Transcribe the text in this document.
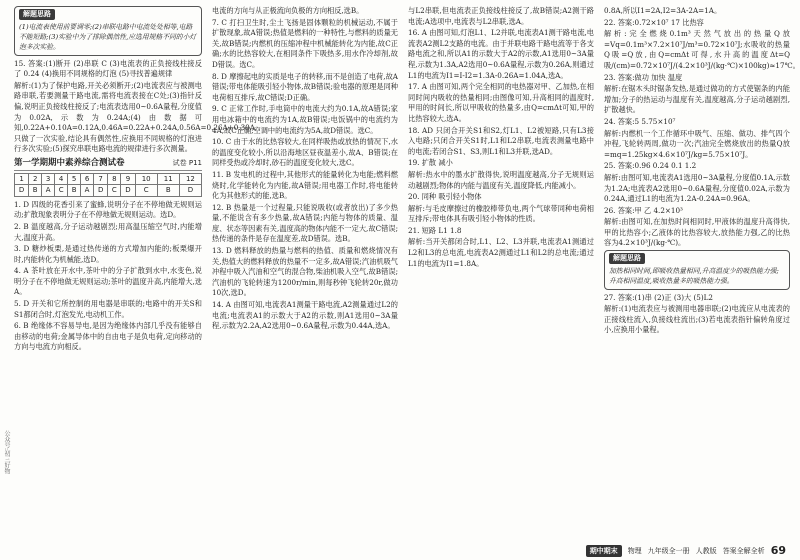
公众号:初三好物
解题思路
(1)电流表使用前要调零;(2)串联电路中电流处处相等,电路不能短路;(3)实验中为了排除偶然性,应选用规格不同的小灯泡多次实验。

15. 答案:(1)断开 (2)串联 C (3)电流表的正负接线柱接反了 0.24 (4)换用不同规格的灯泡 (5)寻找普遍规律

解析:(1)为了保护电路,开关必须断开;(2)电流表应与被测电路串联,若要测量干路电流,需将电流表接在C处;(3)指针反偏,说明正负接线柱接反了;电流表选用0~0.6A量程,分度值为0.02A,示数为0.24A;(4)由数据可知,0.22A+0.10A=0.12A,0.46A=0.22A+0.24A,0.56A=0.26A+0.30A,只做了一次实验,结论具有偶然性,应换用不同规格的灯泡进行多次实验;(5)探究串联电路电流的规律进行多次测量。

第一学期期中素养综合测试卷	试卷 P11
1	2	3	4	5	6	7	8	9	10	11	12
D	B	A	C	B	A	D	C	D	C	B	D

1. D 四级的花香引来了蜜蜂,说明分子在不停地做无规则运动;扩散现象表明分子在不停地做无规则运动。选D。

2. B 温度越高,分子运动越剧烈;用高温压缩空气时,内能增大,温度升高。

3. D 糖炒板栗,是通过热传递的方式增加内能的;板栗爆开时,内能转化为机械能,选D。

4. A 茶叶放在开水中,茶叶中的分子扩散到水中,水变色,说明分子在不停地做无规则运动;茶叶的温度升高,内能增大,选A。

5. D 开关和它所控制的用电器是串联的;电路中的开关S和S1都闭合时,灯泡发光,电动机工作。

6. B 绝缘体不容易导电,是因为绝缘体内部几乎没有能够自由移动的电荷;金属导体中的自由电子是负电荷,定向移动的方向与电流方向相反。

电流的方向与从正极流向负极的方向相反,选B。

7. C 打扫卫生时,尘土飞扬是固体颗粒的机械运动,不属于扩散现象,故A错误;热值是燃料的一种特性,与燃料的质量无关,故B错误;内燃机的压缩冲程中机械能转化为内能,故C正确;水的比热容较大,在相同条件下吸热多,用水作冷却剂,故D错误。选C。

8. D 摩擦起电的实质是电子的转移,而不是创造了电荷,故A错误;带电体能吸引轻小物体,故B错误;验电器的原理是同种电荷相互排斥,故C错误;D正确。

9. C 正常工作时,手电筒中的电流大约为0.1A,故A错误;家用电冰箱中的电流约为1A,故B错误;电饭锅中的电流约为4A,故C正确;空调中的电流约为5A,故D错误。选C。

10. C 由于水的比热容较大,在同样吸热或放热的情况下,水的温度变化较小,所以沿海地区昼夜温差小,故A、B错误;在同样受热或冷却时,砂石的温度变化较大,选C。

11. B 发电机的过程中,其他形式的能量转化为电能;燃料燃烧时,化学能转化为内能,故A错误;用电器工作时,将电能转化为其他形式的能,选B。

12. B 热量是一个过程量,只能说吸收(或者放出)了多少热量,不能说含有多少热量,故A错误;内能与物体的质量、温度、状态等因素有关,温度高的物体内能不一定大,故C错误;热传递的条件是存在温度差,故D错误。选B。

13. D 燃料释放的热量与燃料的热值、质量和燃烧情况有关,热值大的燃料释放的热量不一定多,故A错误;汽油机吸气冲程中吸入汽油和空气的混合物,柴油机吸入空气,故B错误;汽油机的飞轮转速为1200r/min,则每秒钟飞轮转20r,做功10次,选D。

14. A 由图可知,电流表A1测量干路电流,A2测量通过L2的电流;电流表A1的示数大于A2的示数,则A1选用0~3A量程,示数为2.2A,A2选用0~0.6A量程,示数为0.44A,选A。

与L2串联,但电流表正负接线柱接反了,故B错误;A2测干路电流;A选项中,电流表与L2串联,选A。

16. A 由图可知,灯泡L1、L2并联,电流表A1测干路电流,电流表A2测L2支路的电流。由于并联电路干路电流等于各支路电流之和,所以A1的示数大于A2的示数,A1选用0~3A量程,示数为1.3A,A2选用0~0.6A量程,示数为0.26A,则通过L1的电流为I1=I-I2=1.3A-0.26A=1.04A,选A。

17. A 由图可知,两个完全相同的电热器对甲、乙加热,在相同时间内吸收的热量相同;由图像可知,升高相同的温度时,甲用的时间长,所以甲吸收的热量多,由Q=cmΔt可知,甲的比热容较大,选A。

18. AD 只闭合开关S1和S2,灯L1、L2被短路,只有L3接入电路;只闭合开关S1时,L1和L2串联,电流表测量电路中的电流;若闭合S1、S3,则L1和L3并联,选AD。

19. 扩散 减小

解析:热水中的墨水扩散得快,说明温度越高,分子无规则运动越剧烈;物体的内能与温度有关,温度降低,内能减小。

20. 同种 吸引轻小物体

解析:与毛皮摩擦过的橡胶棒带负电,两个气球带同种电荷相互排斥;带电体具有吸引轻小物体的性质。

21. 短路 L1 1.8

解析:当开关都闭合时,L1、L2、L3并联,电流表A1测通过L2和L3的总电流,电流表A2测通过L1和L2的总电流;通过L1的电流为I1=1.8A。

0.8A,所以I1=2A,I2=3A-2A=1A。

22. 答案:0.72×10⁷ 17 比热容

解析:完全燃烧0.1m³天然气放出的热量Q放=Vq=0.1m³×7.2×10⁷J/m³=0.72×10⁷J;水吸收的热量Q吸=Q放,由Q=cmΔt可得,水升高的温度Δt=Q吸/(cm)=0.72×10⁷J/(4.2×10³J/(kg·℃)×100kg)≈17℃。

23. 答案:做功 加快 温度

解析:在锯木头时锯条发热,是通过做功的方式使锯条的内能增加;分子的热运动与温度有关,温度越高,分子运动越剧烈,扩散越快。

24. 答案:5 5.75×10⁷

解析:内燃机一个工作循环中吸气、压缩、做功、排气四个冲程,飞轮转两周,做功一次;汽油完全燃烧放出的热量Q放=mq=1.25kg×4.6×10⁷J/kg=5.75×10⁷J。

25. 答案:0.96 0.24 0.1 1.2

解析:由图可知,电流表A1选用0~3A量程,分度值0.1A,示数为1.2A;电流表A2选用0~0.6A量程,分度值0.02A,示数为0.24A,通过L1的电流为1.2A-0.24A=0.96A。

26. 答案:甲 乙 4.2×10³

解析:由图可知,在加热时间相同时,甲液体的温度升高得快,甲的比热容小;乙液体的比热容较大,放热能力强,乙的比热容为4.2×10³J/(kg·℃)。

解题思路
加热相同时间,即吸收热量相同,升高温度少的吸热能力强;升高相同温度,吸收热量多的吸热能力强。

27. 答案:(1)串 (2)正 (3)大 (5)L2

解析:(1)电流表应与被测用电器串联;(2)电流应从电流表的正接线柱流入,负接线柱流出;(3)若电流表指针偏转角度过小,应换用小量程。

期中期末	物理 九年级全一册 人教版 答案全解全析 69
